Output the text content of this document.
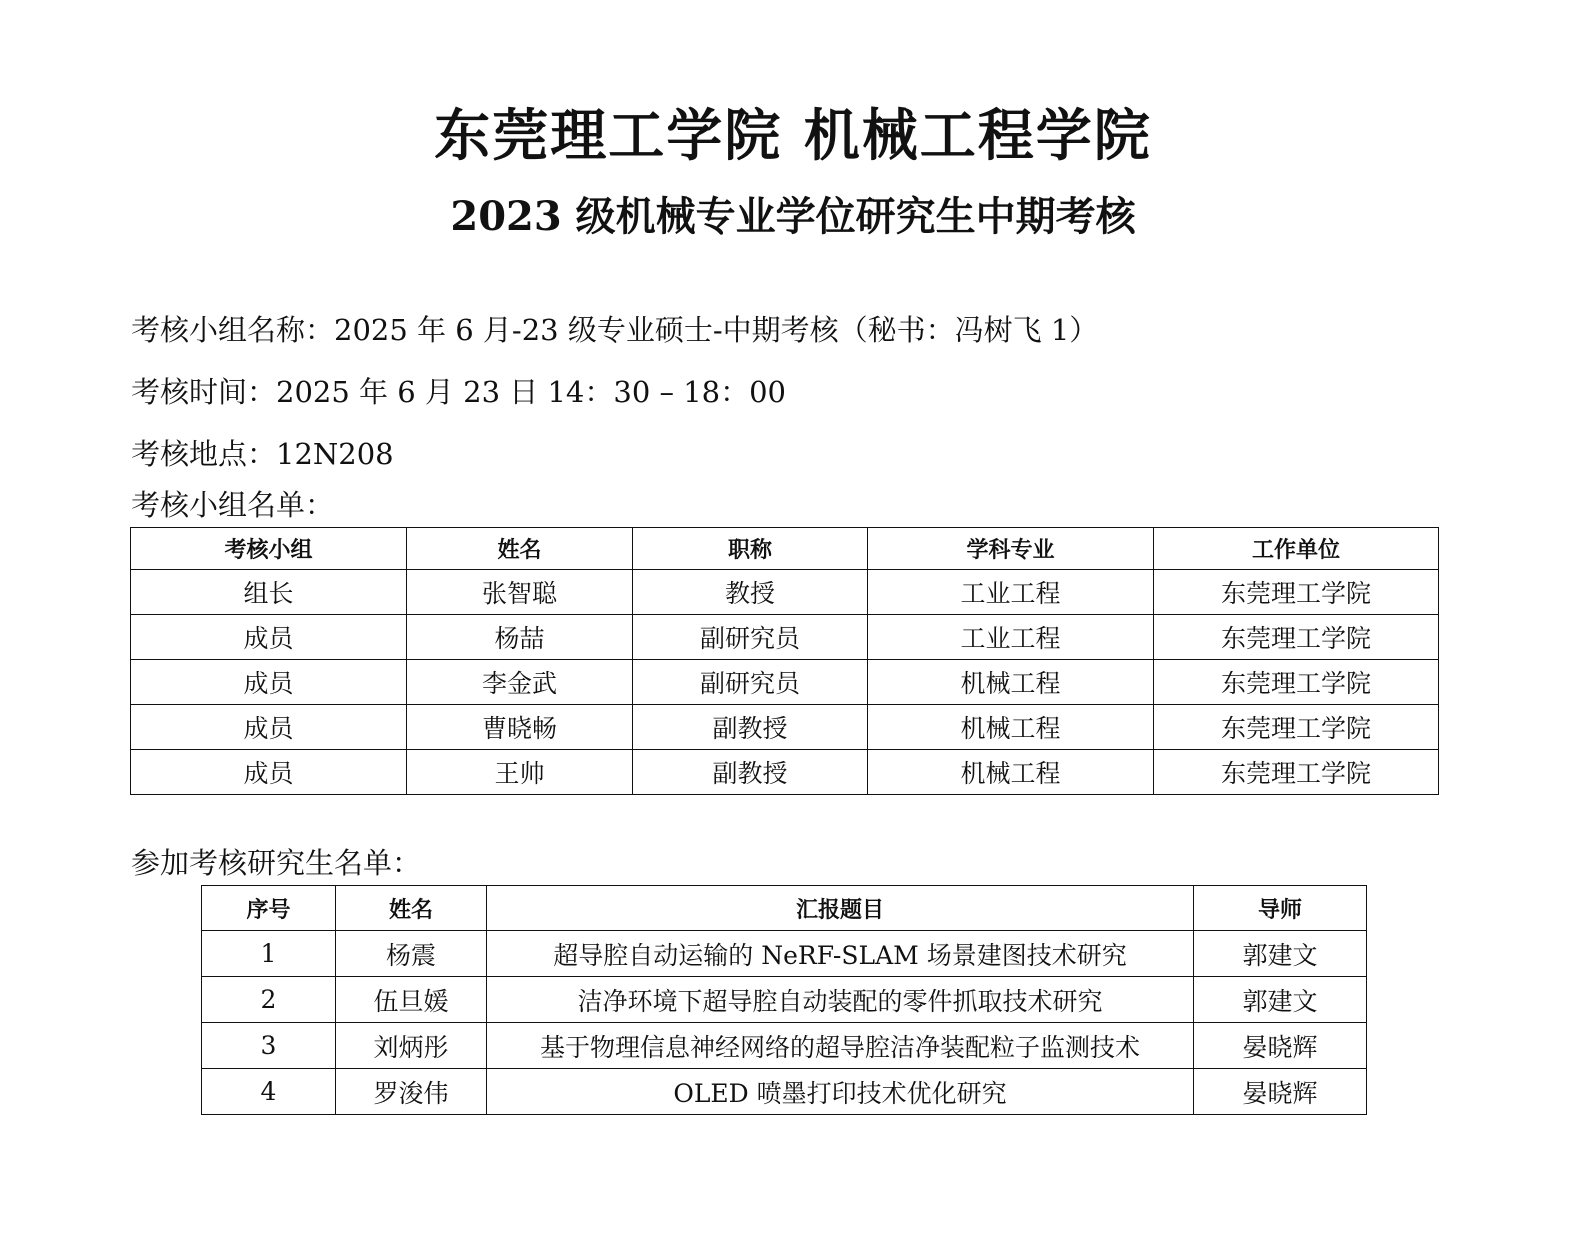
东莞理工学院 机械工程学院
2023 级机械专业学位研究生中期考核
考核小组名称：2025 年 6 月-23 级专业硕士-中期考核（秘书：冯树飞 1）
考核时间：2025 年 6 月 23 日 14：30 – 18：00
考核地点：12N208
考核小组名单：
考核小组	姓名	职称	学科专业	工作单位
组长	张智聪	教授	工业工程	东莞理工学院
成员	杨喆	副研究员	工业工程	东莞理工学院
成员	李金武	副研究员	机械工程	东莞理工学院
成员	曹晓畅	副教授	机械工程	东莞理工学院
成员	王帅	副教授	机械工程	东莞理工学院
参加考核研究生名单：
序号	姓名	汇报题目	导师
1	杨震	超导腔自动运输的 NeRF-SLAM 场景建图技术研究	郭建文
2	伍旦媛	洁净环境下超导腔自动装配的零件抓取技术研究	郭建文
3	刘炳彤	基于物理信息神经网络的超导腔洁净装配粒子监测技术	晏晓辉
4	罗浚伟	OLED 喷墨打印技术优化研究	晏晓辉
